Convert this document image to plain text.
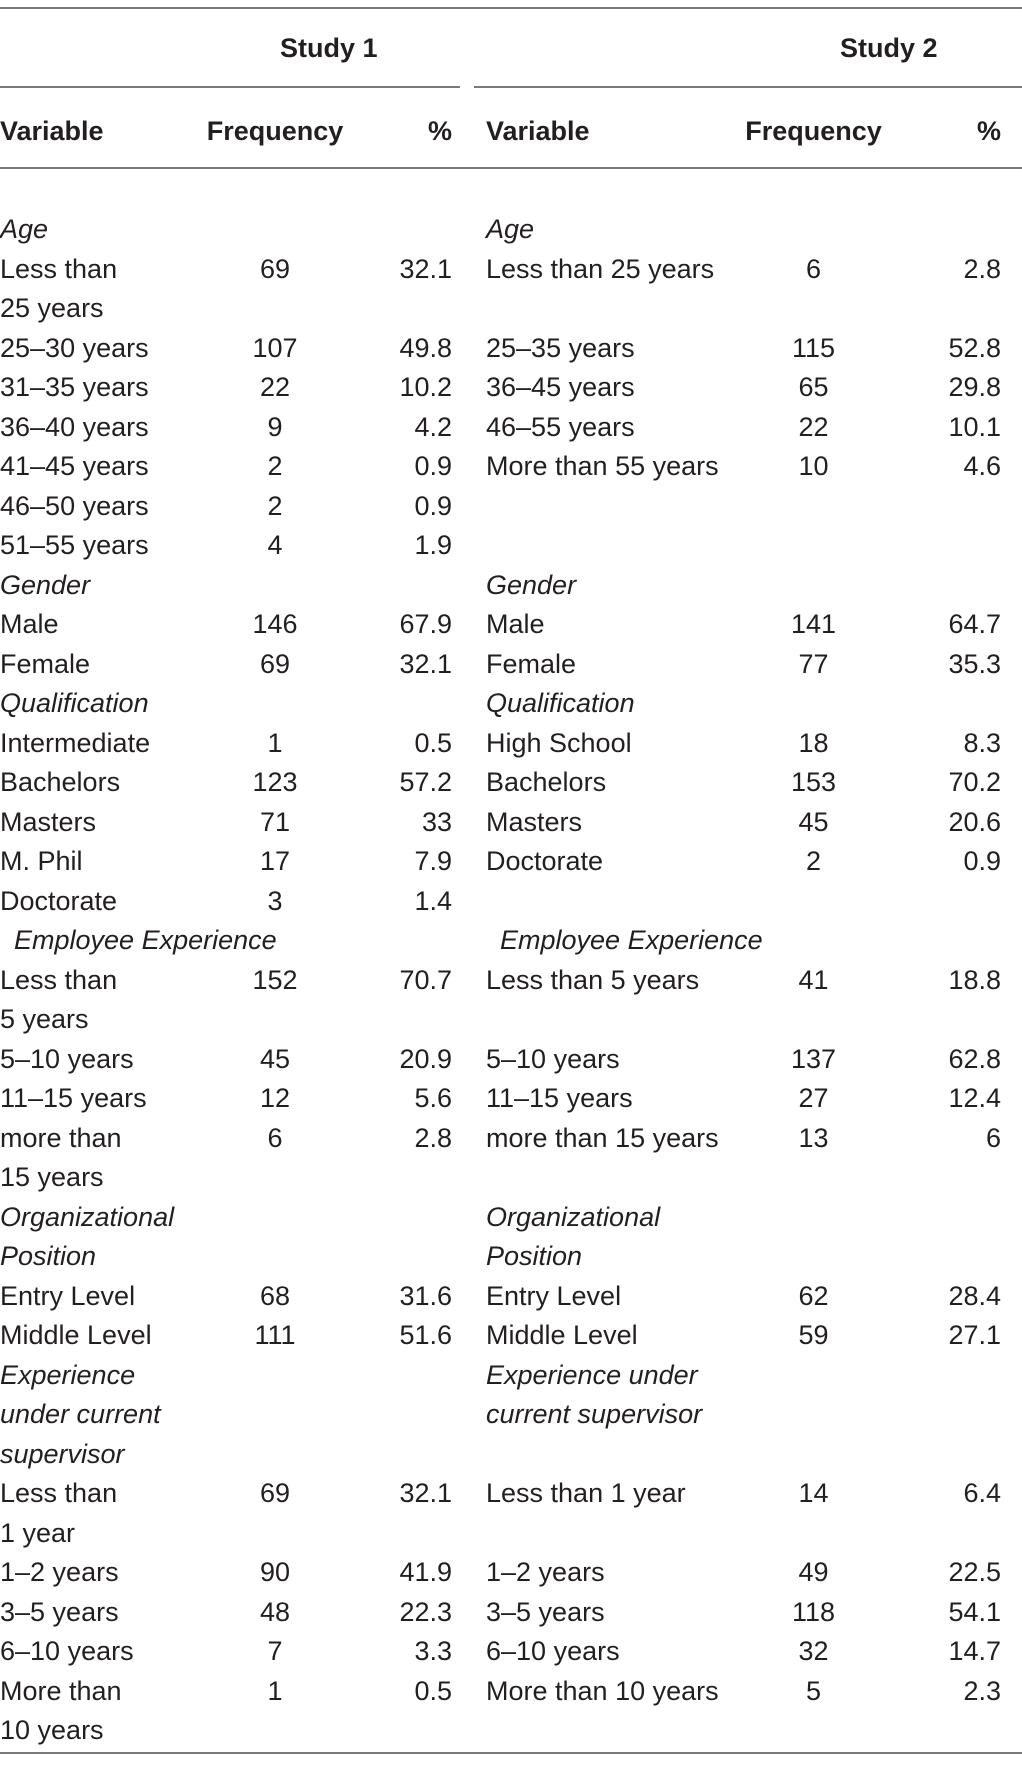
Study 1	Study 2
Variable	Frequency	%
Age		
Less than	69	32.1
25 years		
25–30 years	107	49.8
31–35 years	22	10.2
36–40 years	9	4.2
41–45 years	2	0.9
46–50 years	2	0.9
51–55 years	4	1.9
Gender		
Male	146	67.9
Female	69	32.1
Qualification		
Intermediate	1	0.5
Bachelors	123	57.2
Masters	71	33
M. Phil	17	7.9
Doctorate	3	1.4
Employee Experience		
Less than	152	70.7
5 years		
5–10 years	45	20.9
11–15 years	12	5.6
more than	6	2.8
15 years		
Organizational		
Position		
Entry Level	68	31.6
Middle Level	111	51.6
Experience		
under current		
supervisor		
Less than	69	32.1
1 year		
1–2 years	90	41.9
3–5 years	48	22.3
6–10 years	7	3.3
More than	1	0.5
10 years		
Variable	Frequency	%
Age		
Less than 25 years	6	2.8

25–35 years	115	52.8
36–45 years	65	29.8
46–55 years	22	10.1
More than 55 years	10	4.6

Gender		
Male	141	64.7
Female	77	35.3
Qualification		
High School	18	8.3
Bachelors	153	70.2
Masters	45	20.6
Doctorate	2	0.9

Employee Experience		
Less than 5 years	41	18.8

5–10 years	137	62.8
11–15 years	27	12.4
more than 15 years	13	6

Organizational		
Position		
Entry Level	62	28.4
Middle Level	59	27.1
Experience under		
current supervisor		

Less than 1 year	14	6.4

1–2 years	49	22.5
3–5 years	118	54.1
6–10 years	32	14.7
More than 10 years	5	2.3
